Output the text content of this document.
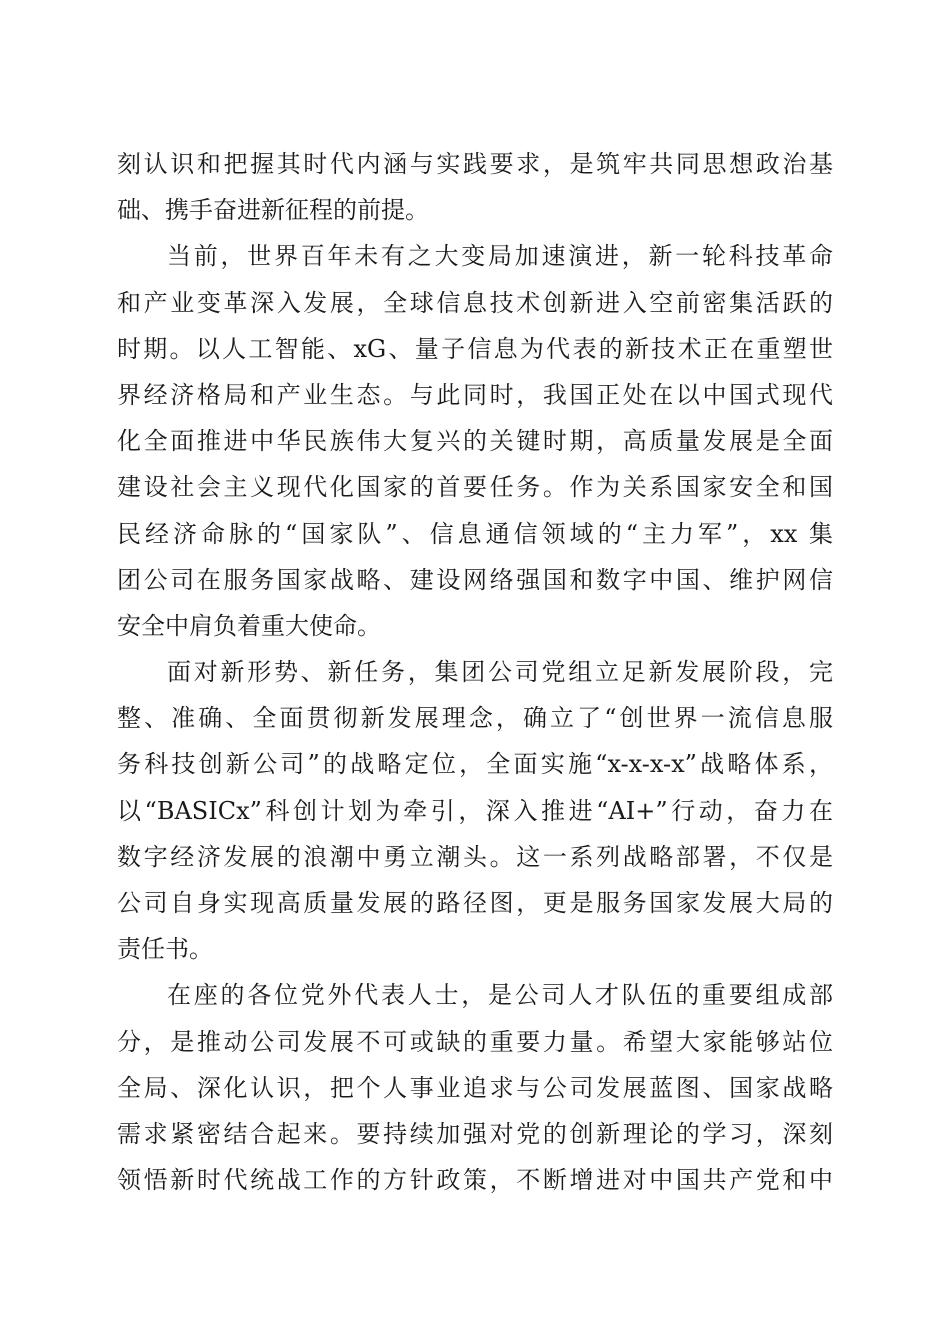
刻认识和把握其时代内涵与实践要求，是筑牢共同思想政治基
础、携手奋进新征程的前提。
当前，世界百年未有之大变局加速演进，新一轮科技革命
和产业变革深入发展，全球信息技术创新进入空前密集活跃的
时期。以人工智能、xG、量子信息为代表的新技术正在重塑世
界经济格局和产业生态。与此同时，我国正处在以中国式现代
化全面推进中华民族伟大复兴的关键时期，高质量发展是全面
建设社会主义现代化国家的首要任务。作为关系国家安全和国
民经济命脉的“国家队”、信息通信领域的“主力军”，xx 集
团公司在服务国家战略、建设网络强国和数字中国、维护网信
安全中肩负着重大使命。
面对新形势、新任务，集团公司党组立足新发展阶段，完
整、准确、全面贯彻新发展理念，确立了“创世界一流信息服
务科技创新公司”的战略定位，全面实施“x-x-x-x”战略体系，
以“BASICx”科创计划为牵引，深入推进“AI+”行动，奋力在
数字经济发展的浪潮中勇立潮头。这一系列战略部署，不仅是
公司自身实现高质量发展的路径图，更是服务国家发展大局的
责任书。
在座的各位党外代表人士，是公司人才队伍的重要组成部
分，是推动公司发展不可或缺的重要力量。希望大家能够站位
全局、深化认识，把个人事业追求与公司发展蓝图、国家战略
需求紧密结合起来。要持续加强对党的创新理论的学习，深刻
领悟新时代统战工作的方针政策，不断增进对中国共产党和中
